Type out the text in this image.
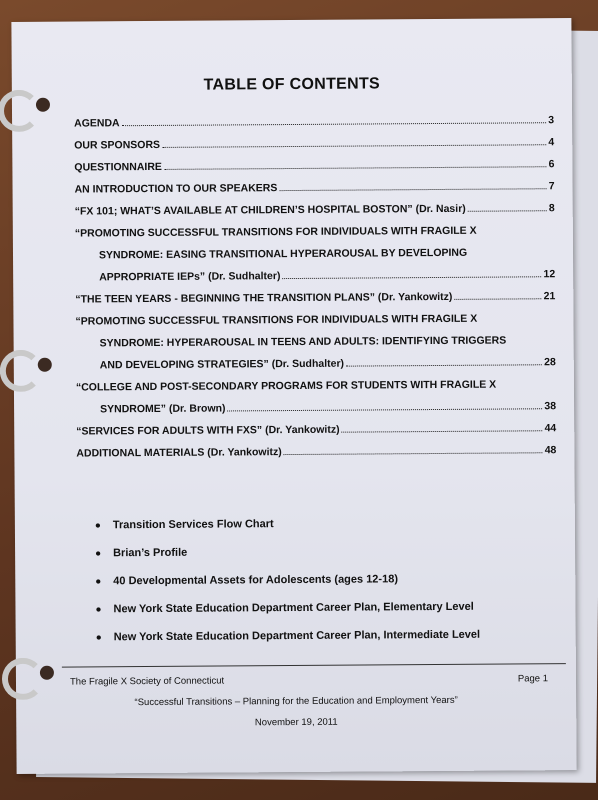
TABLE OF CONTENTS
AGENDA	3
OUR SPONSORS	4
QUESTIONNAIRE	6
AN INTRODUCTION TO OUR SPEAKERS	7
“FX 101; WHAT’S AVAILABLE AT CHILDREN’S HOSPITAL BOSTON” (Dr. Nasir)	8
“PROMOTING SUCCESSFUL TRANSITIONS FOR INDIVIDUALS WITH FRAGILE X
SYNDROME: EASING TRANSITIONAL HYPERAROUSAL BY DEVELOPING
APPROPRIATE IEPs” (Dr. Sudhalter)	12
“THE TEEN YEARS - BEGINNING THE TRANSITION PLANS” (Dr. Yankowitz)	21
“PROMOTING SUCCESSFUL TRANSITIONS FOR INDIVIDUALS WITH FRAGILE X
SYNDROME: HYPERAROUSAL IN TEENS AND ADULTS: IDENTIFYING TRIGGERS
AND DEVELOPING STRATEGIES” (Dr. Sudhalter)	28
“COLLEGE AND POST-SECONDARY PROGRAMS FOR STUDENTS WITH FRAGILE X
SYNDROME” (Dr. Brown)	38
“SERVICES FOR ADULTS WITH FXS” (Dr. Yankowitz)	44
ADDITIONAL MATERIALS (Dr. Yankowitz)	48
●	Transition Services Flow Chart
●	Brian’s Profile
●	40 Developmental Assets for Adolescents (ages 12-18)
●	New York State Education Department Career Plan, Elementary Level
●	New York State Education Department Career Plan, Intermediate Level
The Fragile X Society of Connecticut	Page 1
“Successful Transitions – Planning for the Education and Employment Years”
November 19, 2011
